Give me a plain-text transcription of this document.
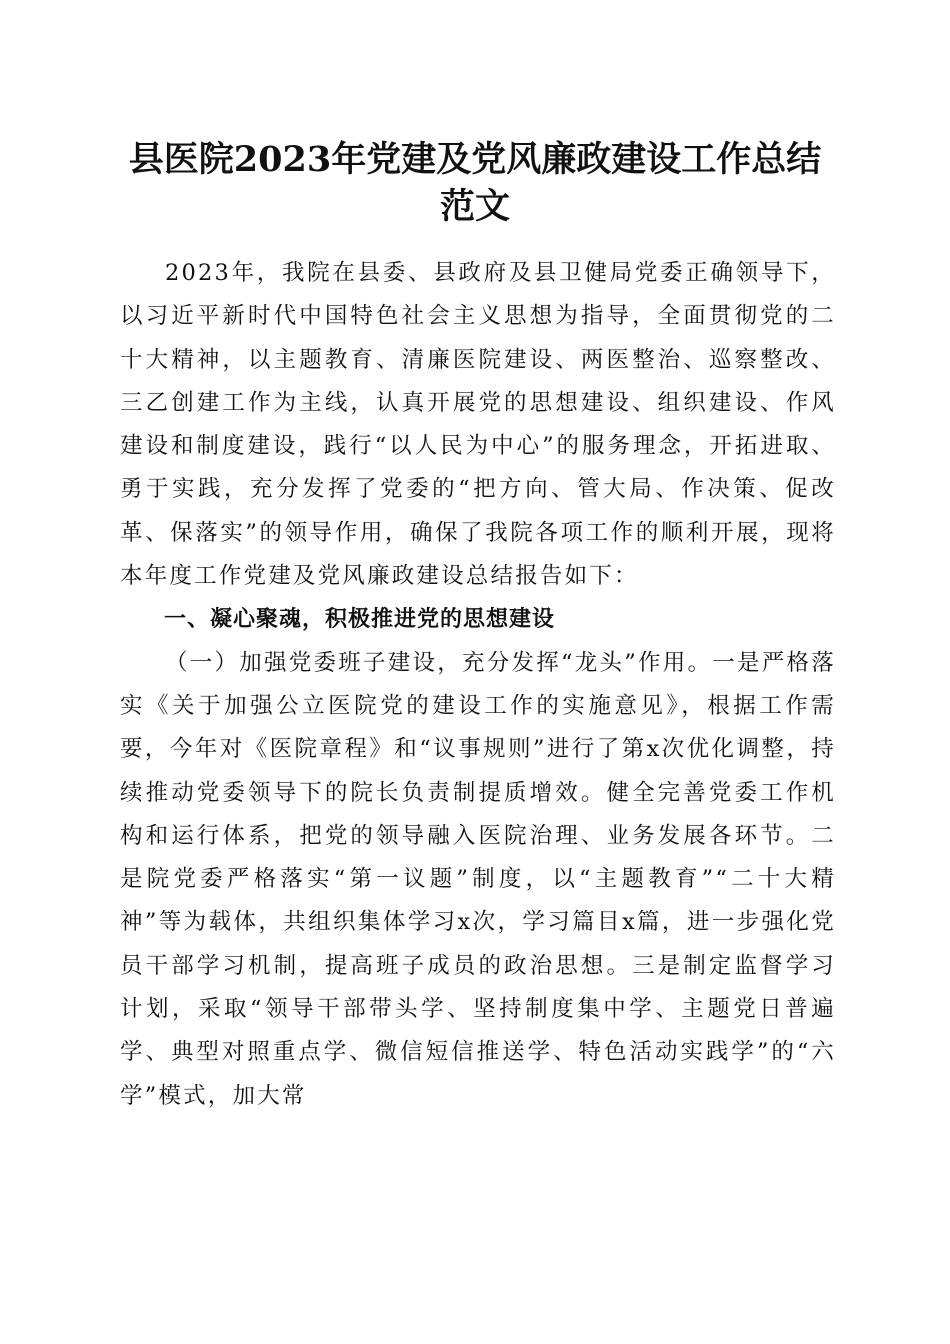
县医院2023年党建及党风廉政建设工作总结
范文

2023年，我院在县委、县政府及县卫健局党委正确领导下，以习近平新时代中国特色社会主义思想为指导，全面贯彻党的二十大精神，以主题教育、清廉医院建设、两医整治、巡察整改、三乙创建工作为主线，认真开展党的思想建设、组织建设、作风建设和制度建设，践行“以人民为中心”的服务理念，开拓进取、勇于实践，充分发挥了党委的“把方向、管大局、作决策、促改革、保落实”的领导作用，确保了我院各项工作的顺利开展，现将本年度工作党建及党风廉政建设总结报告如下：

一、凝心聚魂，积极推进党的思想建设

（一）加强党委班子建设，充分发挥“龙头”作用。一是严格落实《关于加强公立医院党的建设工作的实施意见》，根据工作需要，今年对《医院章程》和“议事规则”进行了第x次优化调整，持续推动党委领导下的院长负责制提质增效。健全完善党委工作机构和运行体系，把党的领导融入医院治理、业务发展各环节。二是院党委严格落实“第一议题”制度，以“主题教育”“二十大精神”等为载体，共组织集体学习x次，学习篇目x篇，进一步强化党员干部学习机制，提高班子成员的政治思想。三是制定监督学习计划，采取“领导干部带头学、坚持制度集中学、主题党日普遍学、典型对照重点学、微信短信推送学、特色活动实践学”的“六学”模式，加大常
